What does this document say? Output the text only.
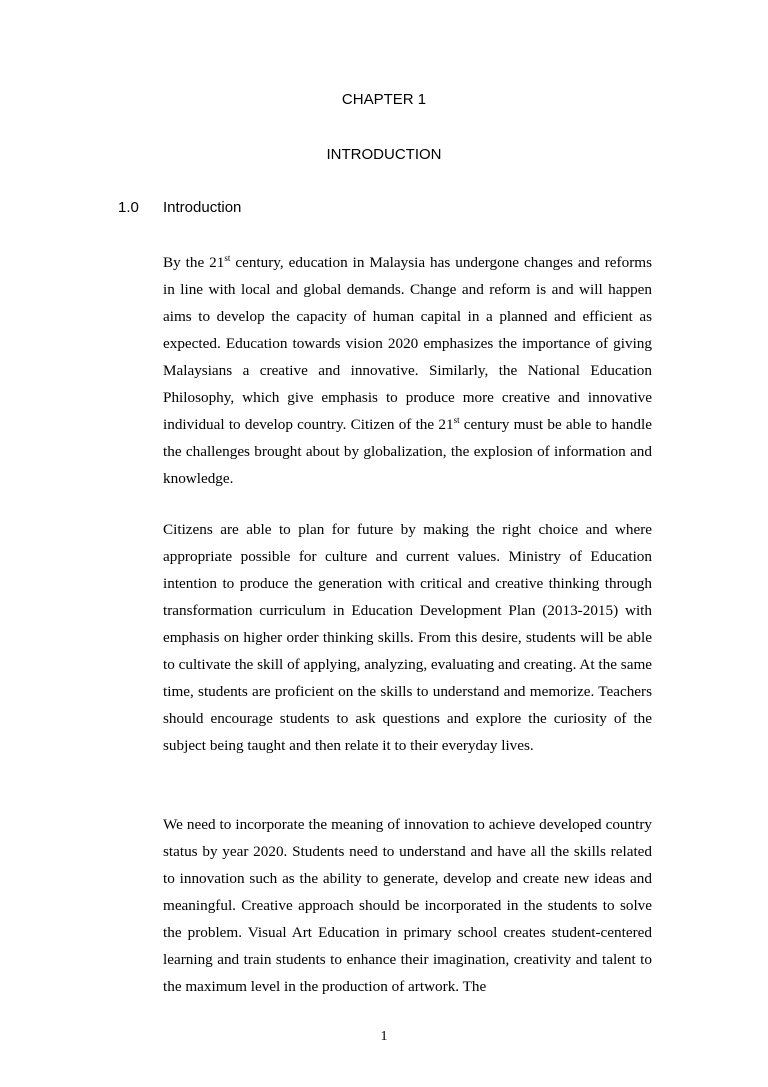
CHAPTER 1
INTRODUCTION
1.0 Introduction

By the 21st century, education in Malaysia has undergone changes and reforms in line with local and global demands. Change and reform is and will happen aims to develop the capacity of human capital in a planned and efficient as expected. Education towards vision 2020 emphasizes the importance of giving Malaysians a creative and innovative. Similarly, the National Education Philosophy, which give emphasis to produce more creative and innovative individual to develop country. Citizen of the 21st century must be able to handle the challenges brought about by globalization, the explosion of information and knowledge.

Citizens are able to plan for future by making the right choice and where appropriate possible for culture and current values. Ministry of Education intention to produce the generation with critical and creative thinking through transformation curriculum in Education Development Plan (2013-2015) with emphasis on higher order thinking skills. From this desire, students will be able to cultivate the skill of applying, analyzing, evaluating and creating. At the same time, students are proficient on the skills to understand and memorize. Teachers should encourage students to ask questions and explore the curiosity of the subject being taught and then relate it to their everyday lives.

We need to incorporate the meaning of innovation to achieve developed country status by year 2020. Students need to understand and have all the skills related to innovation such as the ability to generate, develop and create new ideas and meaningful. Creative approach should be incorporated in the students to solve the problem. Visual Art Education in primary school creates student-centered learning and train students to enhance their imagination, creativity and talent to the maximum level in the production of artwork. The

1
